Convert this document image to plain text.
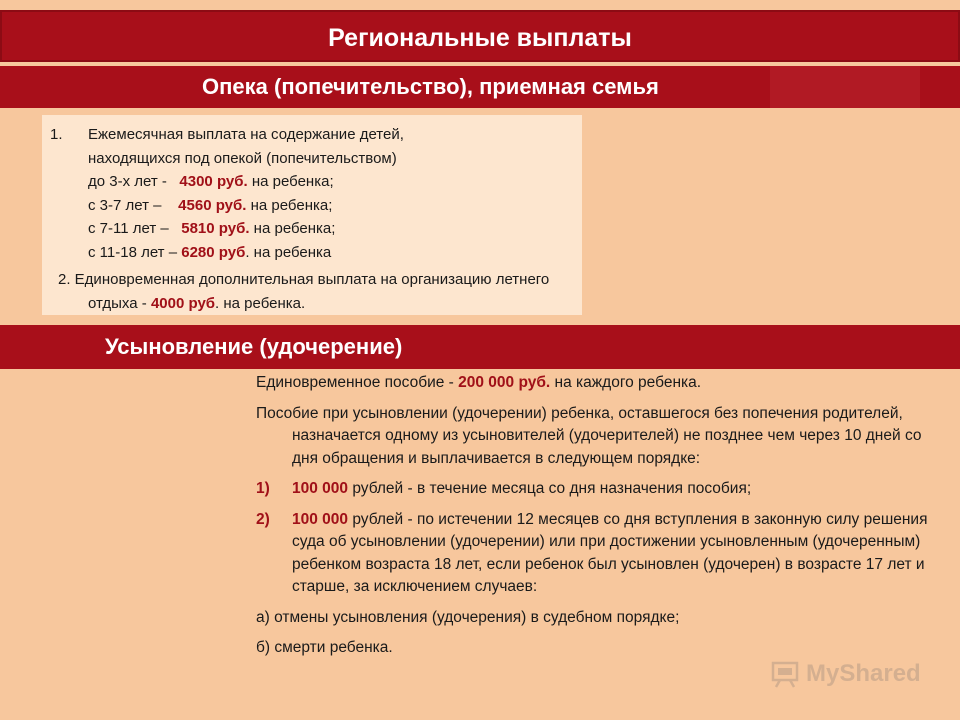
Региональные выплаты
Опека (попечительство), приемная семья
1. Ежемесячная выплата на содержание детей,
находящихся под опекой (попечительством)
до 3-х лет -   4300 руб. на ребенка;
с 3-7 лет –    4560 руб. на ребенка;
с 7-11 лет –   5810 руб. на ребенка;
с 11-18 лет – 6280 руб. на ребенка
2. Единовременная дополнительная выплата на организацию летнего отдыха - 4000 руб. на ребенка.
Усыновление (удочерение)
Единовременное пособие - 200 000 руб. на каждого ребенка.
Пособие при усыновлении (удочерении) ребенка, оставшегося без попечения родителей, назначается одному из усыновителей (удочерителей) не позднее чем через 10 дней со дня обращения и выплачивается в следующем порядке:
1) 100 000 рублей - в течение месяца со дня назначения пособия;
2) 100 000 рублей - по истечении 12 месяцев со дня вступления в законную силу решения суда об усыновлении (удочерении) или при достижении усыновленным (удочеренным) ребенком возраста 18 лет, если ребенок был усыновлен (удочерен) в возрасте 17 лет и старше, за исключением случаев:
а) отмены усыновления (удочерения) в судебном порядке;
б) смерти ребенка.
MyShared
